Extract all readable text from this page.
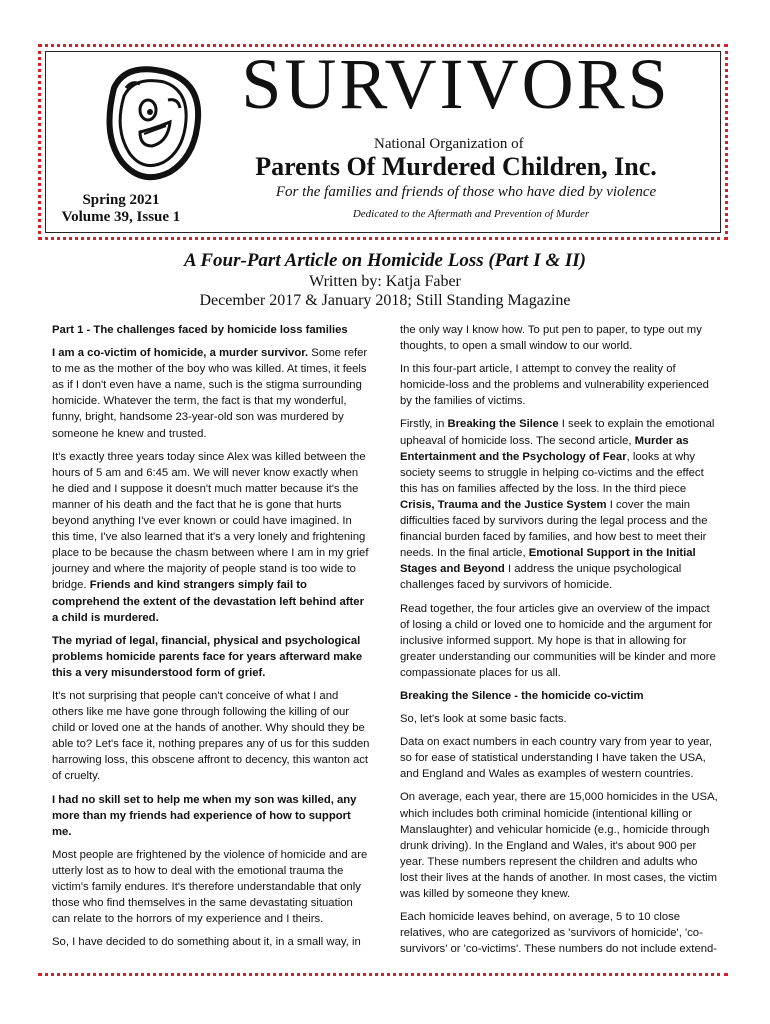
SURVIVORS
National Organization of
Parents Of Murdered Children, Inc.
For the families and friends of those who have died by violence
Dedicated to the Aftermath and Prevention of Murder
Spring 2021
Volume 39, Issue 1

A Four-Part Article on Homicide Loss (Part I & II)

Written by: Katja Faber

December 2017 & January 2018; Still Standing Magazine

Part 1 - The challenges faced by homicide loss families

I am a co-victim of homicide, a murder survivor. Some refer to me as the mother of the boy who was killed. At times, it feels as if I don't even have a name, such is the stigma surrounding homicide. Whatever the term, the fact is that my wonderful, funny, bright, handsome 23-year-old son was murdered by someone he knew and trusted.

It's exactly three years today since Alex was killed between the hours of 5 am and 6:45 am. We will never know exactly when he died and I suppose it doesn't much matter because it's the manner of his death and the fact that he is gone that hurts beyond anything I've ever known or could have imagined. In this time, I've also learned that it's a very lonely and frightening place to be because the chasm between where I am in my grief journey and where the majority of people stand is too wide to bridge. Friends and kind strangers simply fail to comprehend the extent of the devastation left behind after a child is murdered.

The myriad of legal, financial, physical and psychological problems homicide parents face for years afterward make this a very misunderstood form of grief.

It's not surprising that people can't conceive of what I and others like me have gone through following the killing of our child or loved one at the hands of another. Why should they be able to? Let's face it, nothing prepares any of us for this sudden harrowing loss, this obscene affront to decency, this wanton act of cruelty.

I had no skill set to help me when my son was killed, any more than my friends had experience of how to support me.

Most people are frightened by the violence of homicide and are utterly lost as to how to deal with the emotional trauma the victim's family endures. It's therefore understandable that only those who find themselves in the same devastating situation can relate to the horrors of my experience and I theirs.

So, I have decided to do something about it, in a small way, in

the only way I know how. To put pen to paper, to type out my thoughts, to open a small window to our world.

In this four-part article, I attempt to convey the reality of homicide-loss and the problems and vulnerability experienced by the families of victims.

Firstly, in Breaking the Silence I seek to explain the emotional upheaval of homicide loss. The second article, Murder as Entertainment and the Psychology of Fear, looks at why society seems to struggle in helping co-victims and the effect this has on families affected by the loss. In the third piece Crisis, Trauma and the Justice System I cover the main difficulties faced by survivors during the legal process and the financial burden faced by families, and how best to meet their needs. In the final article, Emotional Support in the Initial Stages and Beyond I address the unique psychological challenges faced by survivors of homicide.

Read together, the four articles give an overview of the impact of losing a child or loved one to homicide and the argument for inclusive informed support. My hope is that in allowing for greater understanding our communities will be kinder and more compassionate places for us all.

Breaking the Silence - the homicide co-victim

So, let's look at some basic facts.

Data on exact numbers in each country vary from year to year, so for ease of statistical understanding I have taken the USA, and England and Wales as examples of western countries.

On average, each year, there are 15,000 homicides in the USA, which includes both criminal homicide (intentional killing or Manslaughter) and vehicular homicide (e.g., homicide through drunk driving). In the England and Wales, it's about 900 per year. These numbers represent the children and adults who lost their lives at the hands of another. In most cases, the victim was killed by someone they knew.

Each homicide leaves behind, on average, 5 to 10 close relatives, who are categorized as 'survivors of homicide', 'co-survivors' or 'co-victims'. These numbers do not include extend-
